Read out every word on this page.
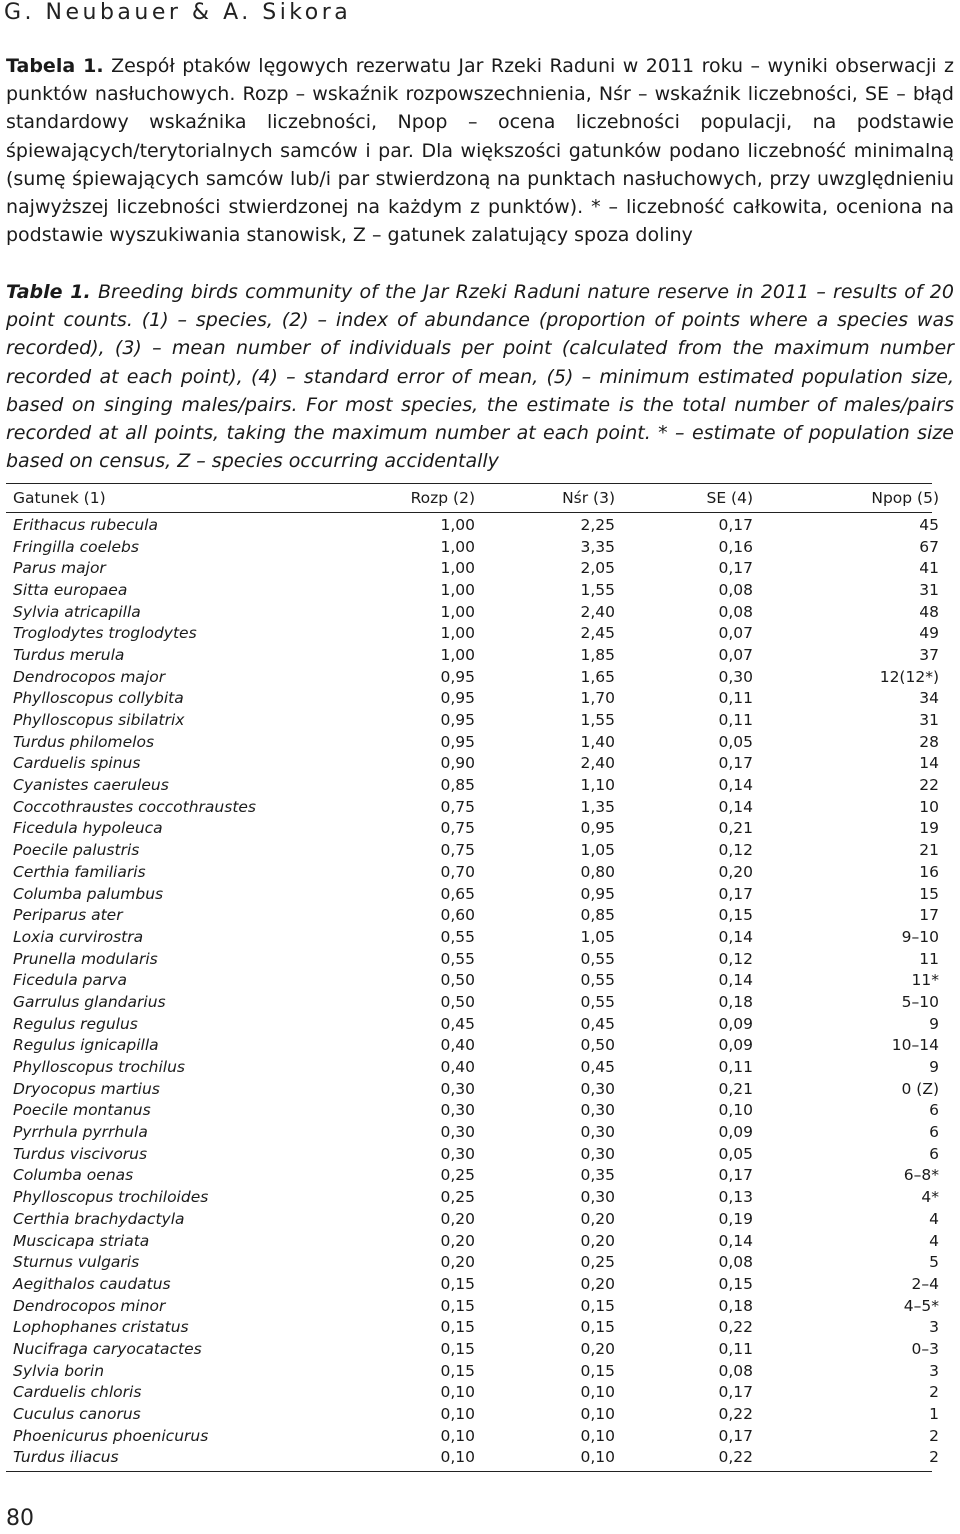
G. Neubauer & A. Sikora
Tabela 1. Zespół ptaków lęgowych rezerwatu Jar Rzeki Raduni w 2011 roku – wyniki obserwacji z punktów nasłuchowych. Rozp – wskaźnik rozpowszechnienia, Nśr – wskaźnik liczebności, SE – błąd standardowy wskaźnika liczebności, Npop – ocena liczebności populacji, na podstawie śpiewających/terytorialnych samców i par. Dla większości gatunków podano liczebność minimalną (sumę śpiewających samców lub/i par stwierdzoną na punktach nasłuchowych, przy uwzględnieniu najwyższej liczebności stwierdzonej na każdym z punktów). * – liczebność całkowita, oceniona na podstawie wyszukiwania stanowisk, Z – gatunek zalatujący spoza doliny
Table 1. Breeding birds community of the Jar Rzeki Raduni nature reserve in 2011 – results of 20 point counts. (1) – species, (2) – index of abundance (proportion of points where a species was recorded), (3) – mean number of individuals per point (calculated from the maximum number recorded at each point), (4) – standard error of mean, (5) – minimum estimated population size, based on singing males/pairs. For most species, the estimate is the total number of males/pairs recorded at all points, taking the maximum number at each point. * – estimate of population size based on census, Z – species occurring accidentally
Gatunek (1)	Rozp (2)	Nśr (3)	SE (4)	Npop (5)
Erithacus rubecula	1,00	2,25	0,17	45
Fringilla coelebs	1,00	3,35	0,16	67
Parus major	1,00	2,05	0,17	41
Sitta europaea	1,00	1,55	0,08	31
Sylvia atricapilla	1,00	2,40	0,08	48
Troglodytes troglodytes	1,00	2,45	0,07	49
Turdus merula	1,00	1,85	0,07	37
Dendrocopos major	0,95	1,65	0,30	12(12*)
Phylloscopus collybita	0,95	1,70	0,11	34
Phylloscopus sibilatrix	0,95	1,55	0,11	31
Turdus philomelos	0,95	1,40	0,05	28
Carduelis spinus	0,90	2,40	0,17	14
Cyanistes caeruleus	0,85	1,10	0,14	22
Coccothraustes coccothraustes	0,75	1,35	0,14	10
Ficedula hypoleuca	0,75	0,95	0,21	19
Poecile palustris	0,75	1,05	0,12	21
Certhia familiaris	0,70	0,80	0,20	16
Columba palumbus	0,65	0,95	0,17	15
Periparus ater	0,60	0,85	0,15	17
Loxia curvirostra	0,55	1,05	0,14	9–10
Prunella modularis	0,55	0,55	0,12	11
Ficedula parva	0,50	0,55	0,14	11*
Garrulus glandarius	0,50	0,55	0,18	5–10
Regulus regulus	0,45	0,45	0,09	9
Regulus ignicapilla	0,40	0,50	0,09	10–14
Phylloscopus trochilus	0,40	0,45	0,11	9
Dryocopus martius	0,30	0,30	0,21	0 (Z)
Poecile montanus	0,30	0,30	0,10	6
Pyrrhula pyrrhula	0,30	0,30	0,09	6
Turdus viscivorus	0,30	0,30	0,05	6
Columba oenas	0,25	0,35	0,17	6–8*
Phylloscopus trochiloides	0,25	0,30	0,13	4*
Certhia brachydactyla	0,20	0,20	0,19	4
Muscicapa striata	0,20	0,20	0,14	4
Sturnus vulgaris	0,20	0,25	0,08	5
Aegithalos caudatus	0,15	0,20	0,15	2–4
Dendrocopos minor	0,15	0,15	0,18	4–5*
Lophophanes cristatus	0,15	0,15	0,22	3
Nucifraga caryocatactes	0,15	0,20	0,11	0–3
Sylvia borin	0,15	0,15	0,08	3
Carduelis chloris	0,10	0,10	0,17	2
Cuculus canorus	0,10	0,10	0,22	1
Phoenicurus phoenicurus	0,10	0,10	0,17	2
Turdus iliacus	0,10	0,10	0,22	2
80
